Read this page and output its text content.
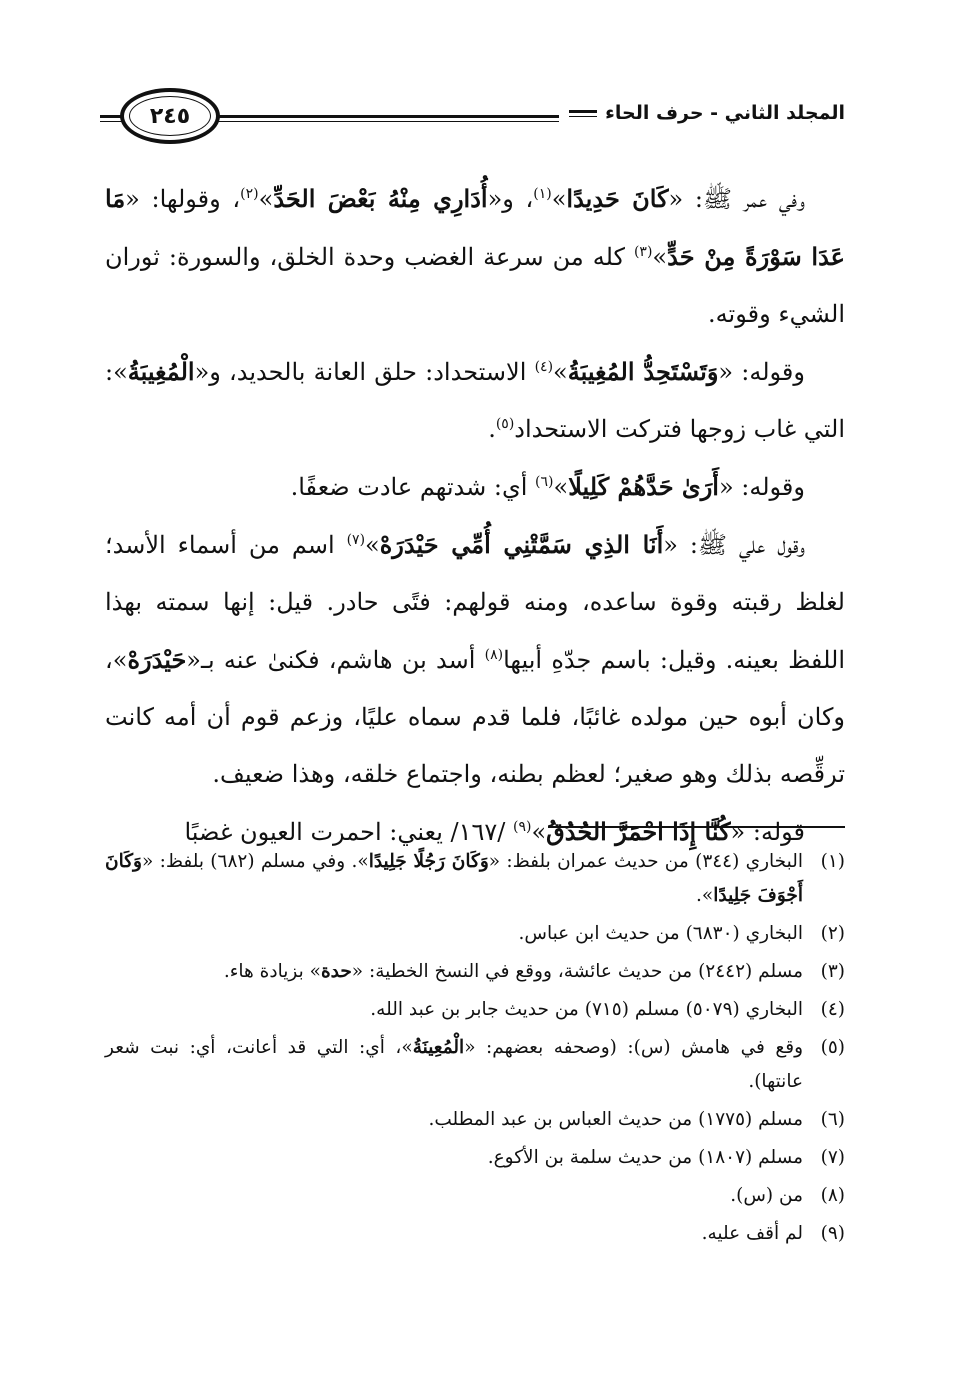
المجلد الثاني - حرف الحاء
٢٤٥

وفي عمر ﷺ: «كَانَ حَدِيدًا»$^{(١)}$، و«أُدَارِي مِنْهُ بَعْضَ الحَدِّ»$^{(٢)}$، وقولها: «مَا عَدَا سَوْرَةً مِنْ حَدٍّ»$^{(٣)}$ كله من سرعة الغضب وحدة الخلق، والسورة: ثوران الشيء وقوته.

وقوله: «وَتَسْتَحِدُّ المُغِيبَةُ»$^{(٤)}$ الاستحداد: حلق العانة بالحديد، و«الْمُغِيبَةُ»: التي غاب زوجها فتركت الاستحداد$^{(٥)}$.

وقوله: «أَرَىٰ حَدَّهُمْ كَلِيلًا»$^{(٦)}$ أي: شدتهم عادت ضعفًا.

وقول علي ﷺ: «أَنَا الذِي سَمَّتْنِي أُمِّي حَيْدَرَهْ»$^{(٧)}$ اسم من أسماء الأسد؛ لغلظ رقبته وقوة ساعده، ومنه قولهم: فتًى حادر. قيل: إنها سمته بهذا اللفظ بعينه. وقيل: باسم جدّهِ أبيها$^{(٨)}$ أسد بن هاشم، فكنىٰ عنه بـ«حَيْدَرَهْ»، وكان أبوه حين مولده غائبًا، فلما قدم سماه عليًا، وزعم قوم أن أمه كانت ترقِّصه بذلك وهو صغير؛ لعظم بطنه، واجتماع خلقه، وهذا ضعيف.

قوله: «كُنَّا إِذَا احْمَرَّ الحُدُقُ»$^{(٩)}$ /١٦٧/ يعني: احمرت العيون غضبًا

(١)
البخاري (٣٤٤) من حديث عمران بلفظ: «وَكَانَ رَجُلًا جَلِيدًا». وفي مسلم (٦٨٢) بلفظ: «وَكَانَ أَجْوَفَ جَلِيدًا».
(٢)
البخاري (٦٨٣٠) من حديث ابن عباس.
(٣)
مسلم (٢٤٤٢) من حديث عائشة، ووقع في النسخ الخطية: «حدة» بزيادة هاء.
(٤)
البخاري (٥٠٧٩) مسلم (٧١٥) من حديث جابر بن عبد الله.
(٥)
وقع في هامش (س): (وصحفه بعضهم: «الْمُعِينَةُ»، أي: التي قد أعانت، أي: نبت شعر عانتها).
(٦)
مسلم (١٧٧٥) من حديث العباس بن عبد المطلب.
(٧)
مسلم (١٨٠٧) من حديث سلمة بن الأكوع.
(٨)
من (س).
(٩)
لم أقف عليه.
